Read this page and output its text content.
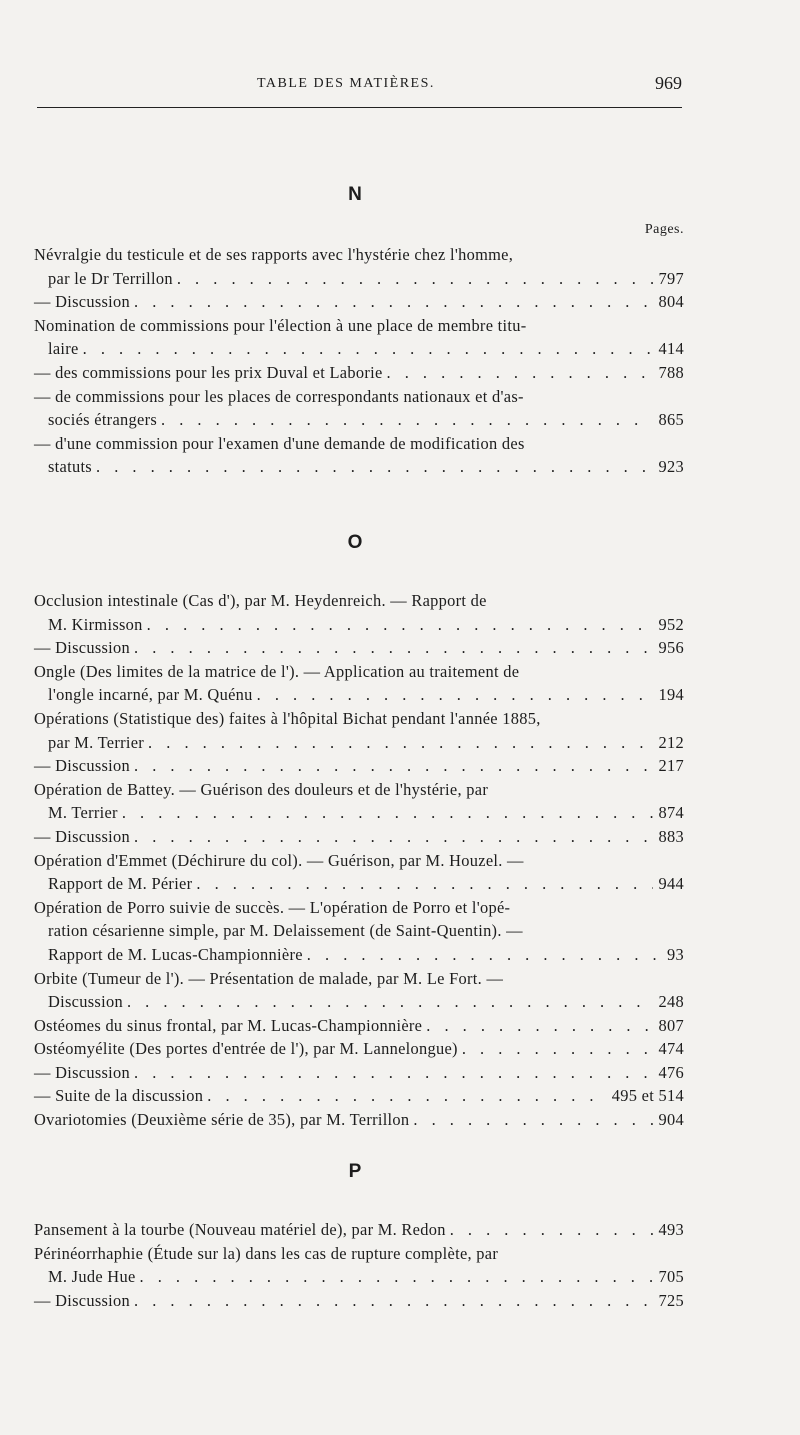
TABLE DES MATIÈRES.	969
N
Pages.
Névralgie du testicule et de ses rapports avec l'hystérie chez l'homme,
par le Dr Terrillon . . .	797
— Discussion . . .	804
Nomination de commissions pour l'élection à une place de membre titu-
laire . . .	414
— des commissions pour les prix Duval et Laborie . . .	788
— de commissions pour les places de correspondants nationaux et d'as-
sociés étrangers . . .	865
— d'une commission pour l'examen d'une demande de modification des
statuts . . .	923
O
Occlusion intestinale (Cas d'), par M. Heydenreich. — Rapport de
M. Kirmisson . . .	952
— Discussion . . .	956
Ongle (Des limites de la matrice de l'). — Application au traitement de
l'ongle incarné, par M. Quénu . . .	194
Opérations (Statistique des) faites à l'hôpital Bichat pendant l'année 1885,
par M. Terrier . . .	212
— Discussion . . .	217
Opération de Battey. — Guérison des douleurs et de l'hystérie, par
M. Terrier . . .	874
— Discussion . . .	883
Opération d'Emmet (Déchirure du col). — Guérison, par M. Houzel. —
Rapport de M. Périer . . .	944
Opération de Porro suivie de succès. — L'opération de Porro et l'opé-
ration césarienne simple, par M. Delaissement (de Saint-Quentin). —
Rapport de M. Lucas-Championnière . . .	93
Orbite (Tumeur de l'). — Présentation de malade, par M. Le Fort. —
Discussion . . .	248
Ostéomes du sinus frontal, par M. Lucas-Championnière . . .	807
Ostéomyélite (Des portes d'entrée de l'), par M. Lannelongue) . . .	474
— Discussion . . .	476
— Suite de la discussion . . .	495 et 514
Ovariotomies (Deuxième série de 35), par M. Terrillon . . .	904
P
Pansement à la tourbe (Nouveau matériel de), par M. Redon . . .	493
Périnéorrhaphie (Étude sur la) dans les cas de rupture complète, par
M. Jude Hue . . .	705
— Discussion . . .	725
